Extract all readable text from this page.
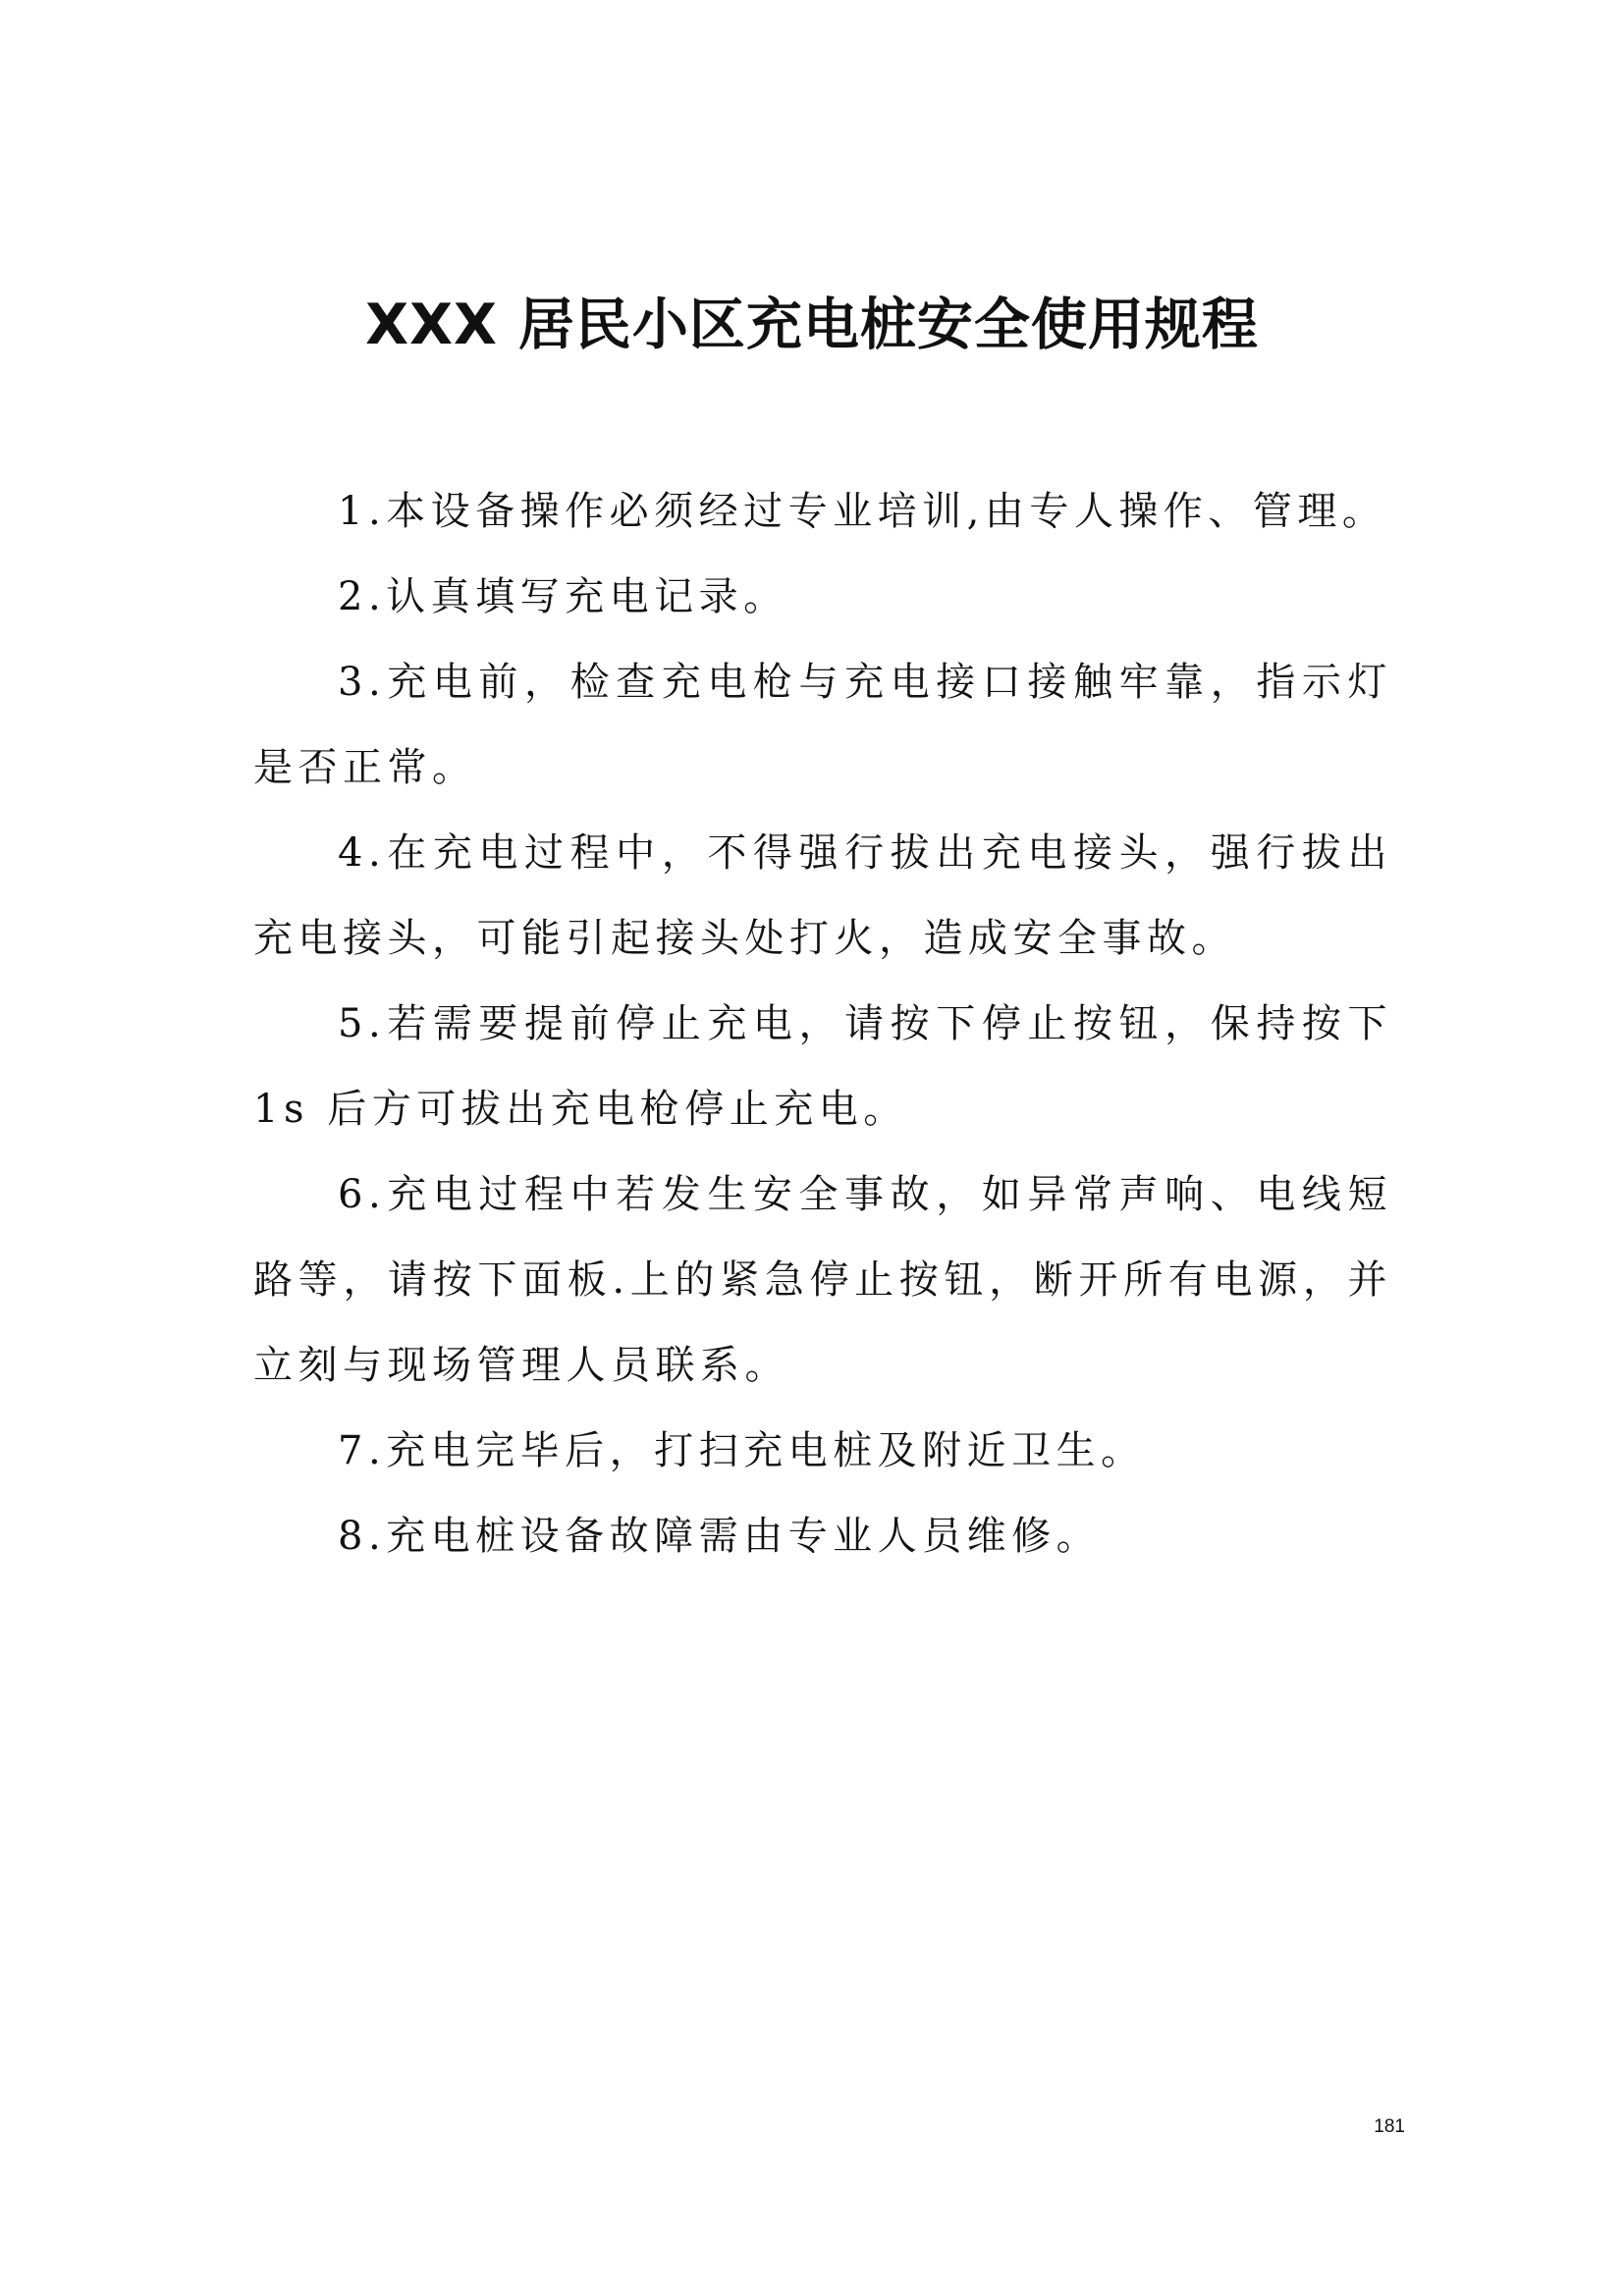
XXX 居民小区充电桩安全使用规程

1.本设备操作必须经过专业培训,由专人操作、管理。

2.认真填写充电记录。

3.充电前，检查充电枪与充电接口接触牢靠，指示灯是否正常。

4.在充电过程中，不得强行拔出充电接头，强行拔出充电接头，可能引起接头处打火，造成安全事故。

5.若需要提前停止充电，请按下停止按钮，保持按下 1s 后方可拔出充电枪停止充电。

6.充电过程中若发生安全事故，如异常声响、电线短路等，请按下面板.上的紧急停止按钮，断开所有电源，并立刻与现场管理人员联系。

7.充电完毕后，打扫充电桩及附近卫生。

8.充电桩设备故障需由专业人员维修。

181
